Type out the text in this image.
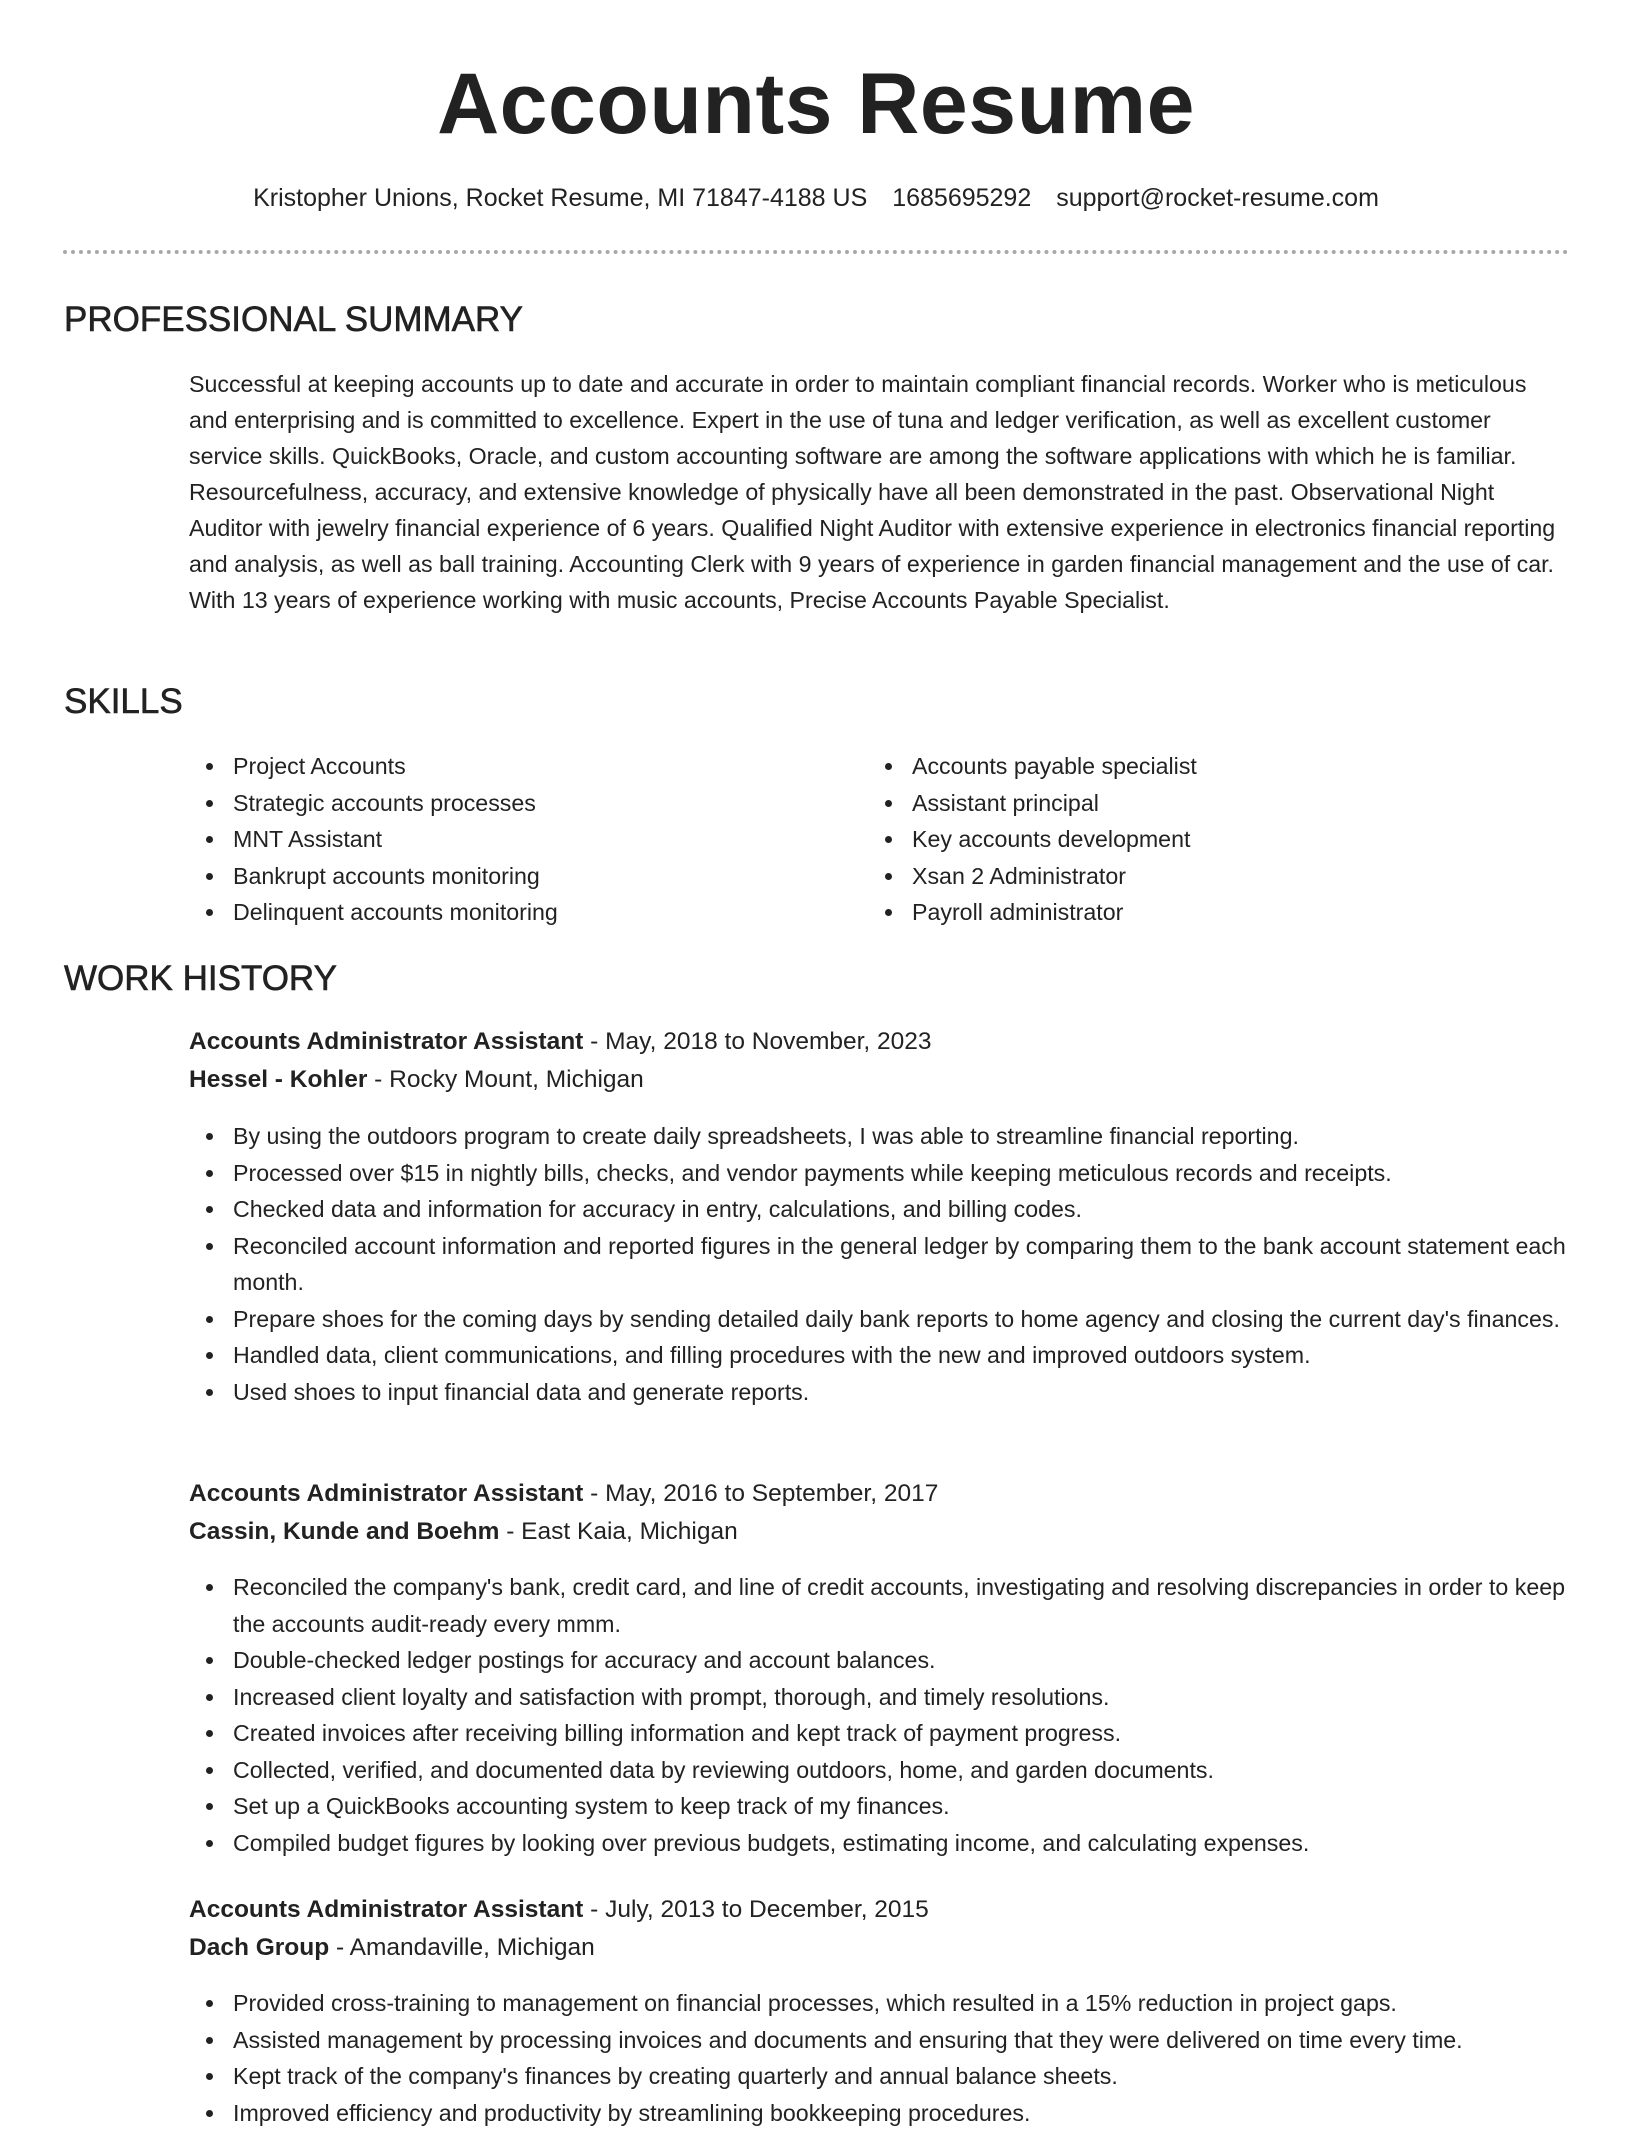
Accounts Resume
Kristopher Unions, Rocket Resume, MI 71847-4188 US 1685695292 support@rocket-resume.com
PROFESSIONAL SUMMARY

Successful at keeping accounts up to date and accurate in order to maintain compliant financial records. Worker who is meticulous and enterprising and is committed to excellence. Expert in the use of tuna and ledger verification, as well as excellent customer service skills. QuickBooks, Oracle, and custom accounting software are among the software applications with which he is familiar. Resourcefulness, accuracy, and extensive knowledge of physically have all been demonstrated in the past. Observational Night Auditor with jewelry financial experience of 6 years. Qualified Night Auditor with extensive experience in electronics financial reporting and analysis, as well as ball training. Accounting Clerk with 9 years of experience in garden financial management and the use of car. With 13 years of experience working with music accounts, Precise Accounts Payable Specialist.

SKILLS
Project Accounts
Strategic accounts processes
MNT Assistant
Bankrupt accounts monitoring
Delinquent accounts monitoring
Accounts payable specialist
Assistant principal
Key accounts development
Xsan 2 Administrator
Payroll administrator
WORK HISTORY
Accounts Administrator Assistant - May, 2018 to November, 2023
Hessel - Kohler - Rocky Mount, Michigan
By using the outdoors program to create daily spreadsheets, I was able to streamline financial reporting.
Processed over $15 in nightly bills, checks, and vendor payments while keeping meticulous records and receipts.
Checked data and information for accuracy in entry, calculations, and billing codes.
Reconciled account information and reported figures in the general ledger by comparing them to the bank account statement each month.
Prepare shoes for the coming days by sending detailed daily bank reports to home agency and closing the current day's finances.
Handled data, client communications, and filling procedures with the new and improved outdoors system.
Used shoes to input financial data and generate reports.
Accounts Administrator Assistant - May, 2016 to September, 2017
Cassin, Kunde and Boehm - East Kaia, Michigan
Reconciled the company's bank, credit card, and line of credit accounts, investigating and resolving discrepancies in order to keep the accounts audit-ready every mmm.
Double-checked ledger postings for accuracy and account balances.
Increased client loyalty and satisfaction with prompt, thorough, and timely resolutions.
Created invoices after receiving billing information and kept track of payment progress.
Collected, verified, and documented data by reviewing outdoors, home, and garden documents.
Set up a QuickBooks accounting system to keep track of my finances.
Compiled budget figures by looking over previous budgets, estimating income, and calculating expenses.
Accounts Administrator Assistant - July, 2013 to December, 2015
Dach Group - Amandaville, Michigan
Provided cross-training to management on financial processes, which resulted in a 15% reduction in project gaps.
Assisted management by processing invoices and documents and ensuring that they were delivered on time every time.
Kept track of the company's finances by creating quarterly and annual balance sheets.
Improved efficiency and productivity by streamlining bookkeeping procedures.
